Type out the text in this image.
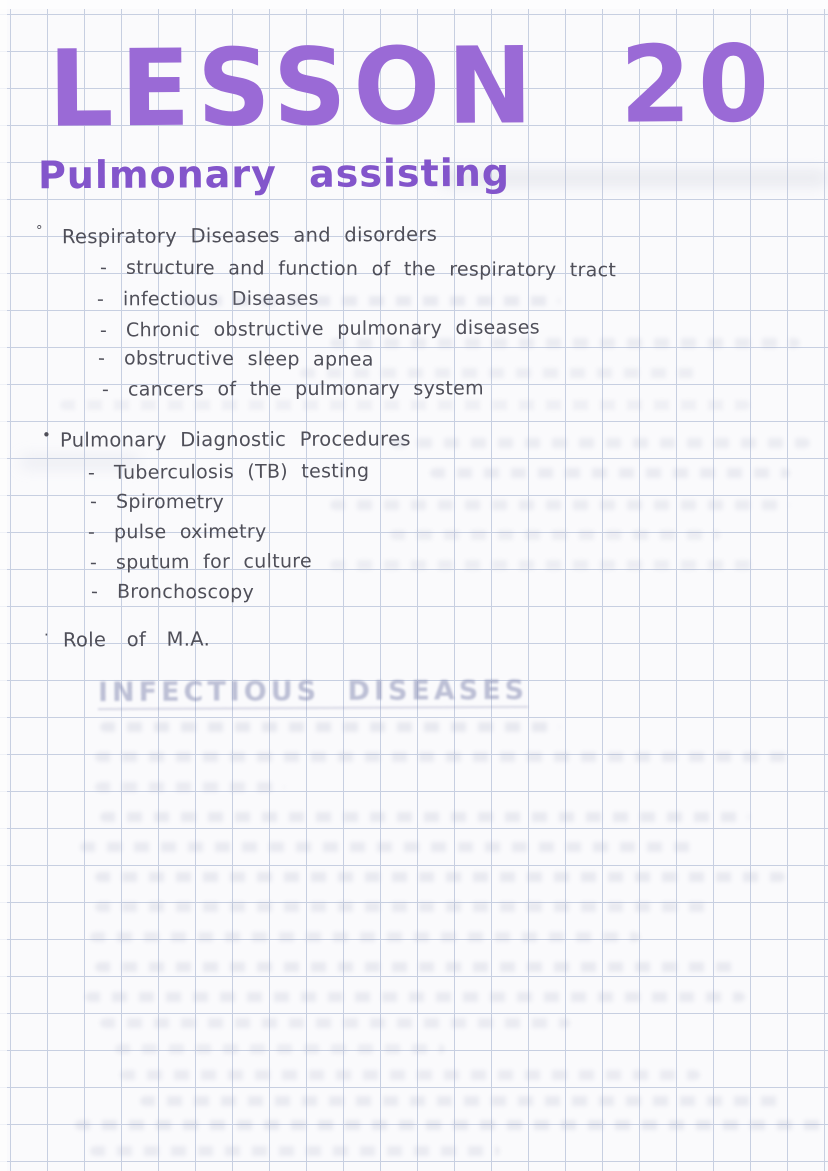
LESSON 20
Pulmonary assisting
° Respiratory Diseases and disorders
- structure and function of the respiratory tract
- infectious Diseases
- Chronic obstructive pulmonary diseases
- obstructive sleep apnea
- cancers of the pulmonary system
• Pulmonary Diagnostic Procedures
- Tuberculosis (TB) testing
- Spirometry
- pulse oximetry
- sputum for culture
- Bronchoscopy
· Role of M.A.
INFECTIOUS DISEASES
